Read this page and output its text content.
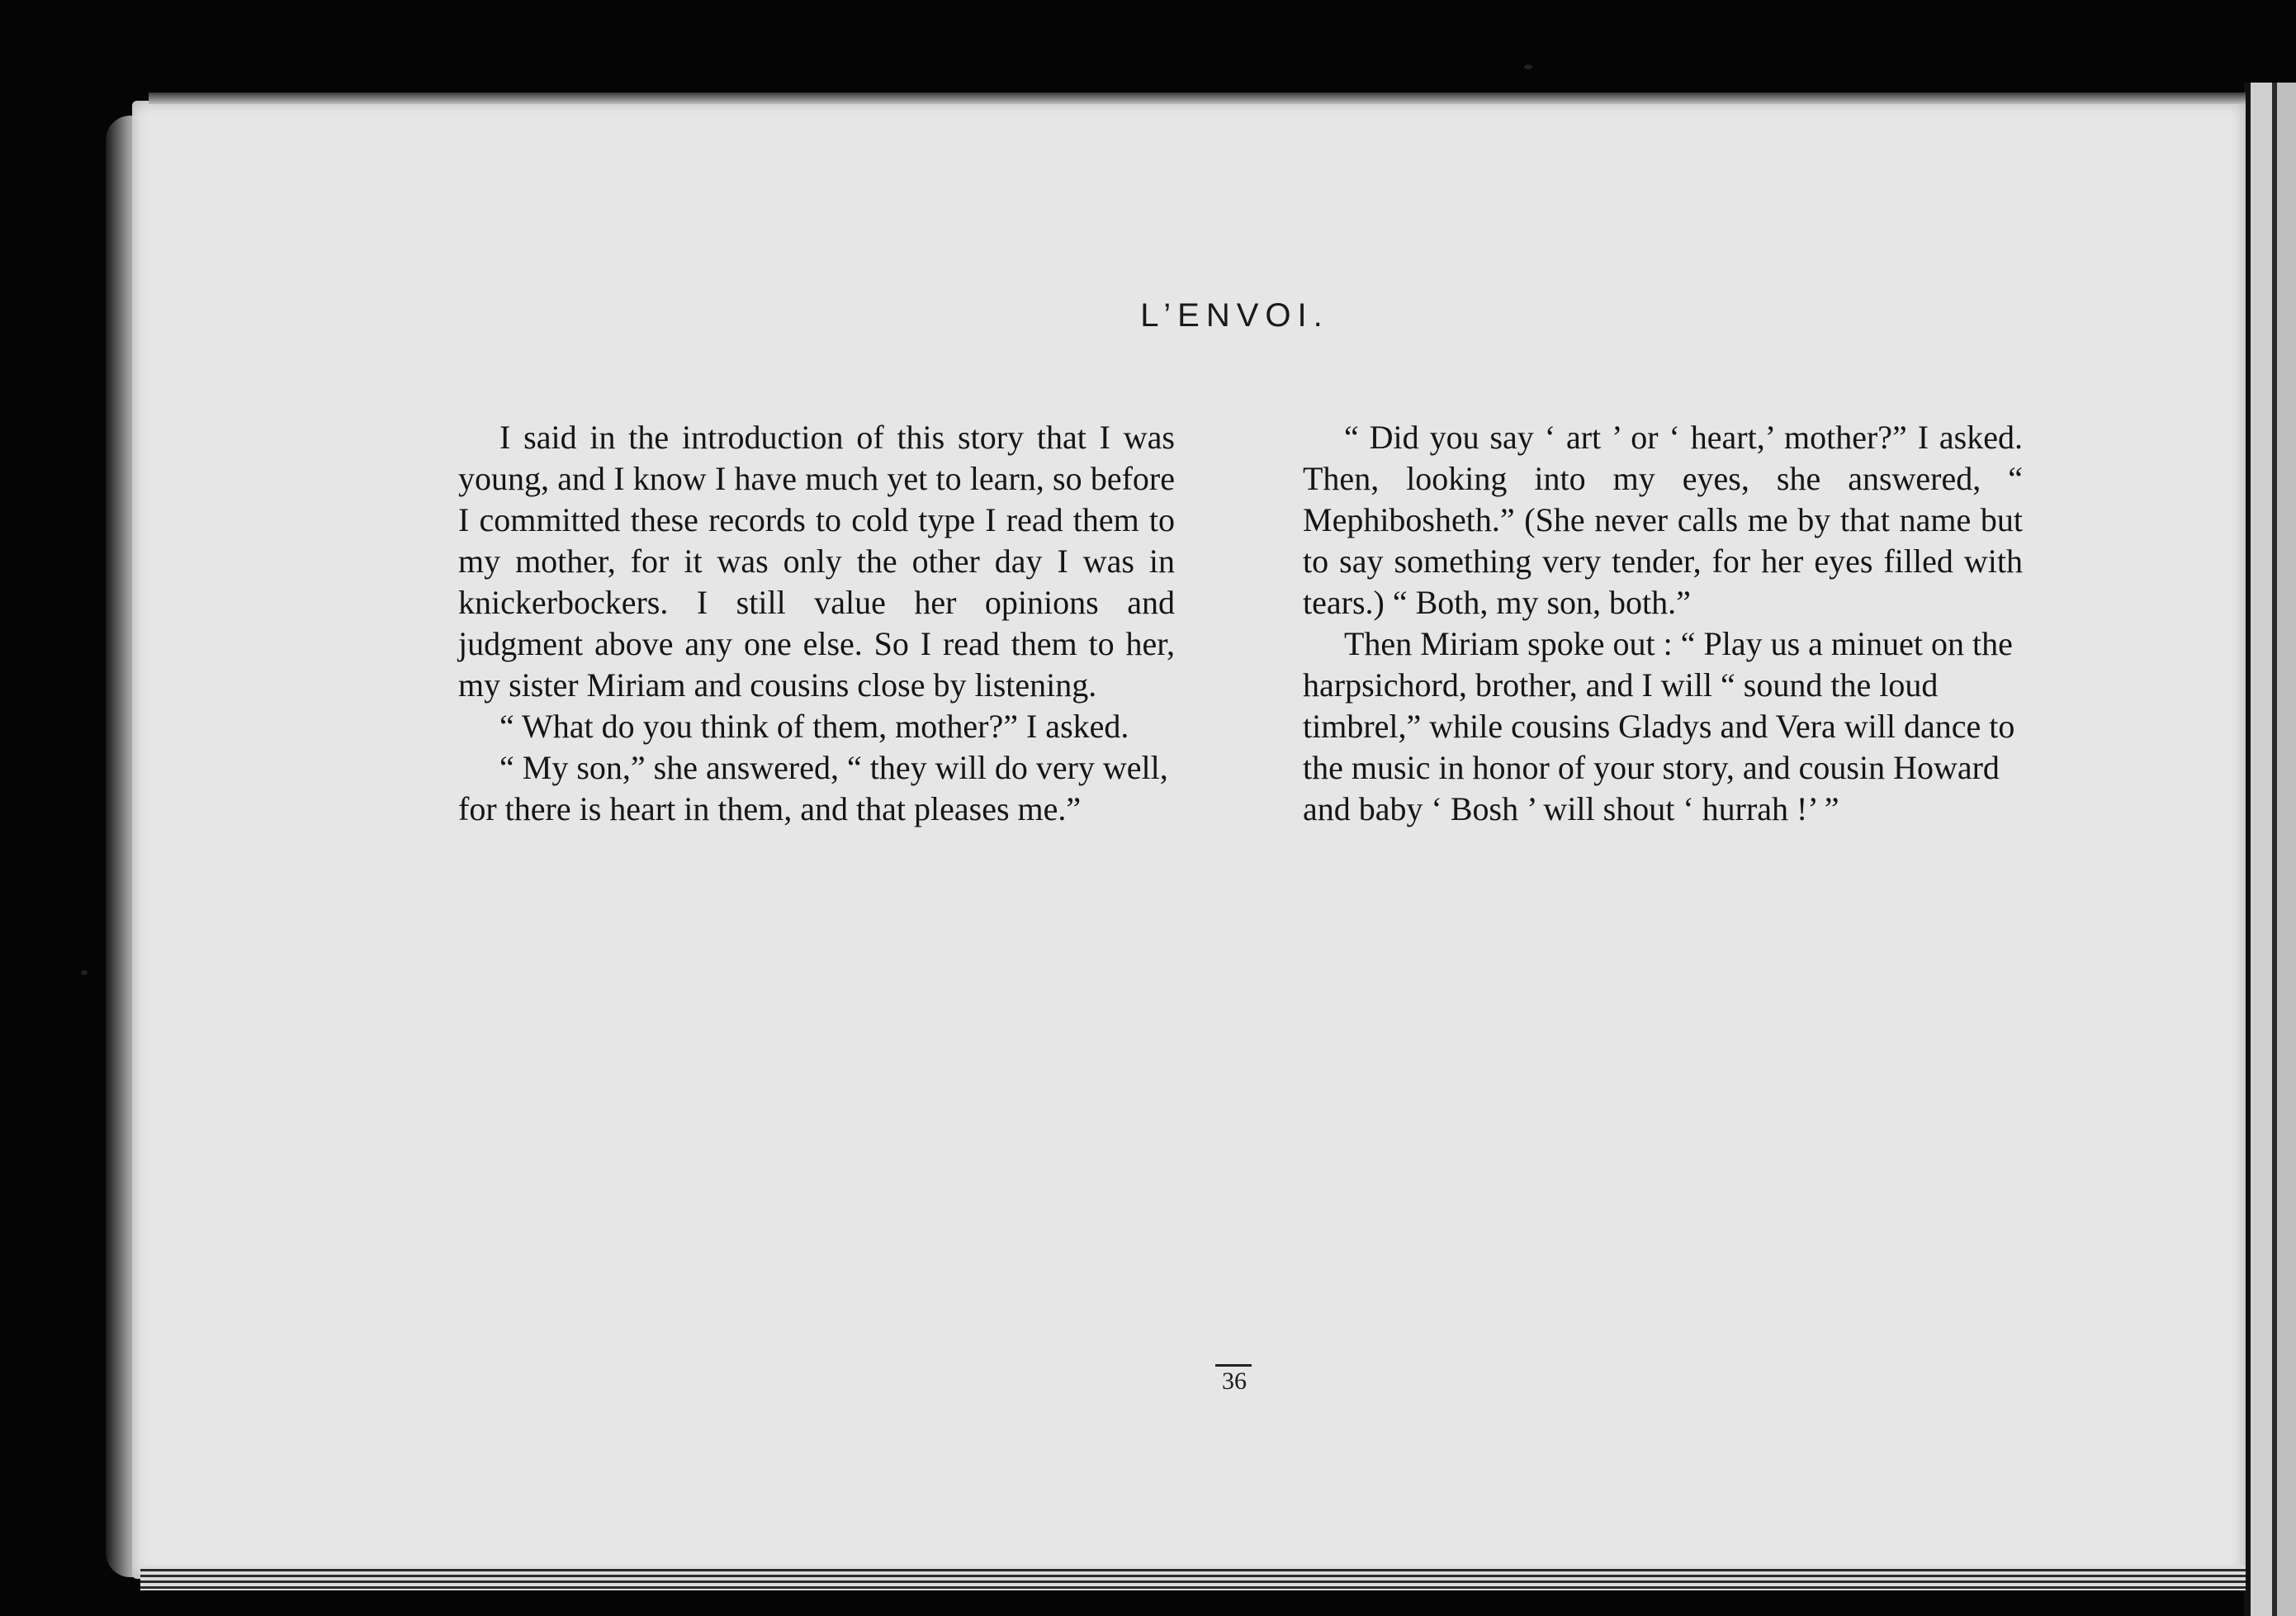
L’ENVOI.

I said in the introduction of this story that I was young, and I know I have much yet to learn, so before I committed these records to cold type I read them to my mother, for it was only the other day I was in knickerbockers. I still value her opinions and judgment above any one else. So I read them to her, my sister Miriam and cousins close by listening.

“ What do you think of them, mother?” I asked.

“ My son,” she answered, “ they will do very well, for there is heart in them, and that pleases me.”

“ Did you say ‘ art ’ or ‘ heart,’ mother?” I asked. Then, looking into my eyes, she answered, “ Mephibosheth.” (She never calls me by that name but to say something very tender, for her eyes filled with tears.) “ Both, my son, both.”

Then Miriam spoke out : “ Play us a minuet on the harpsichord, brother, and I will “ sound the loud timbrel,” while cousins Gladys and Vera will dance to the music in honor of your story, and cousin Howard and baby ‘ Bosh ’ will shout ‘ hurrah !’ ”

36
